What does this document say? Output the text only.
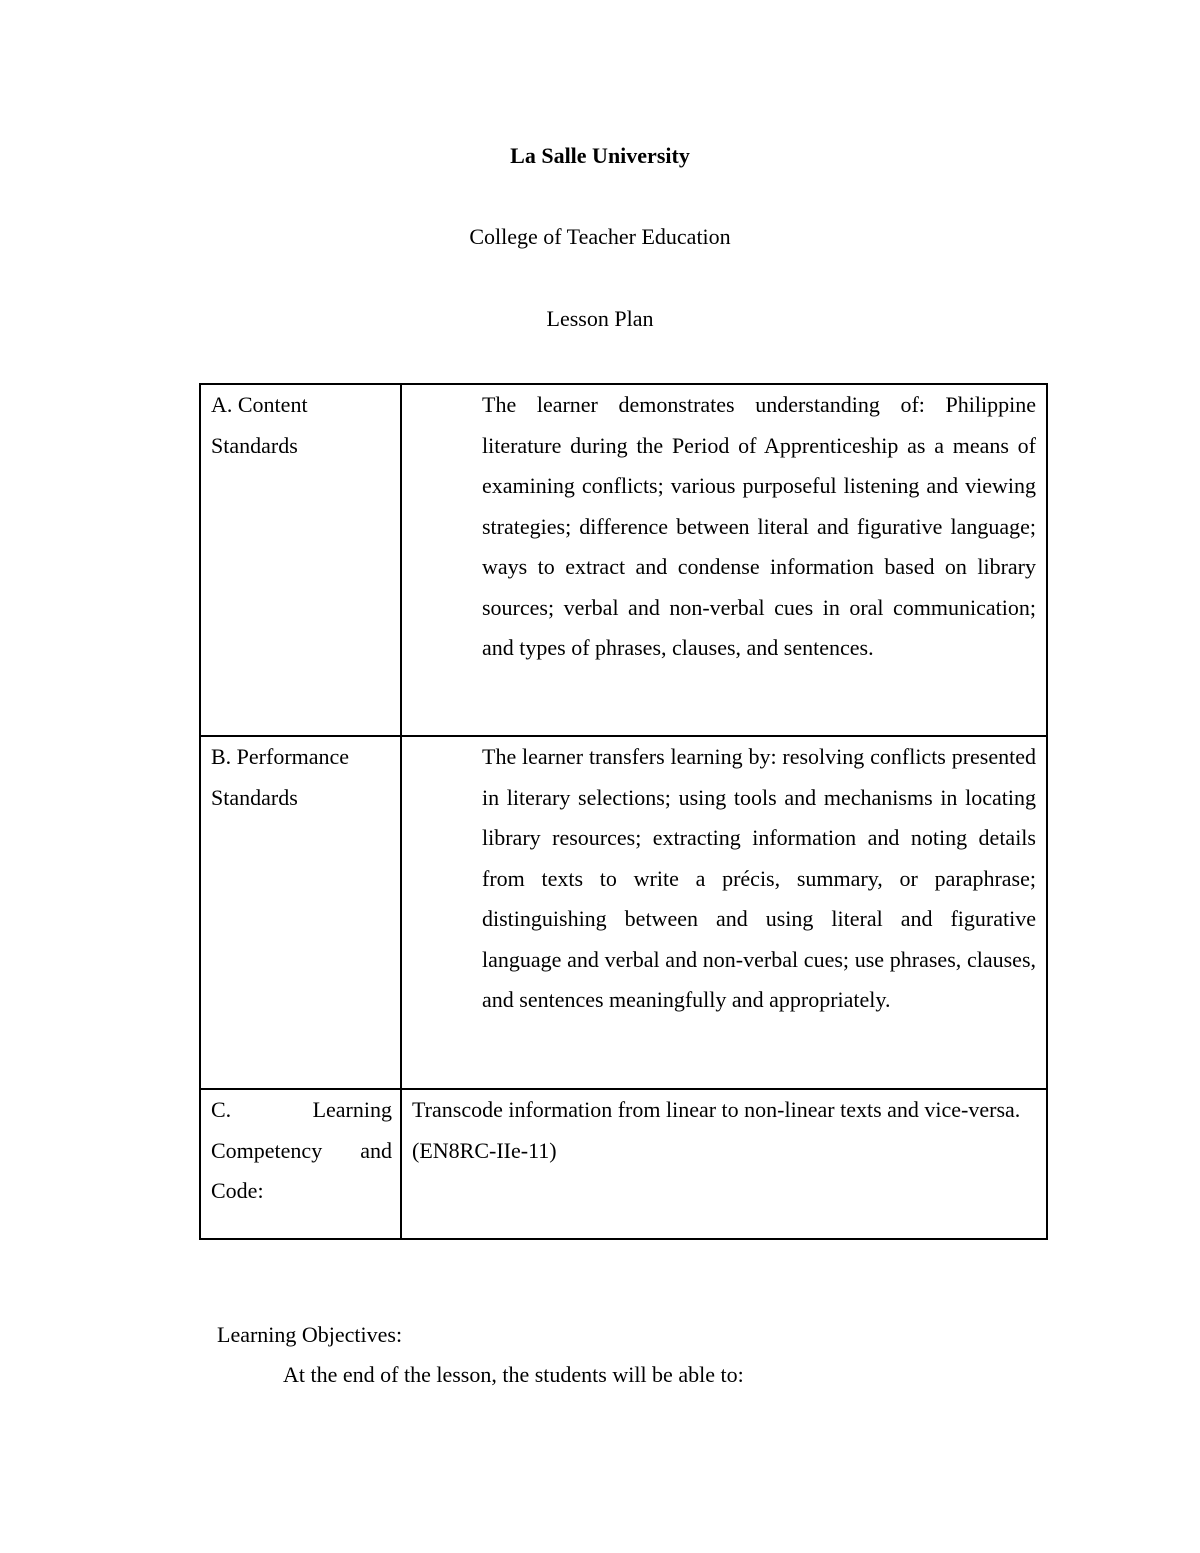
La Salle University
College of Teacher Education
Lesson Plan
A. Content Standards	The learner demonstrates understanding of: Philippine literature during the Period of Apprenticeship as a means of examining conflicts; various purposeful listening and viewing strategies; difference between literal and figurative language; ways to extract and condense information based on library sources; verbal and non-verbal cues in oral communication; and types of phrases, clauses, and sentences.
B. Performance Standards	The learner transfers learning by: resolving conflicts presented in literary selections; using tools and mechanisms in locating library resources; extracting information and noting details from texts to write a précis, summary, or paraphrase; distinguishing between and using literal and figurative language and verbal and non-verbal cues; use phrases, clauses, and sentences meaningfully and appropriately.
C. Learning Competency and Code:	Transcode information from linear to non-linear texts and vice-versa. (EN8RC-IIe-11)
Learning Objectives:
At the end of the lesson, the students will be able to:
